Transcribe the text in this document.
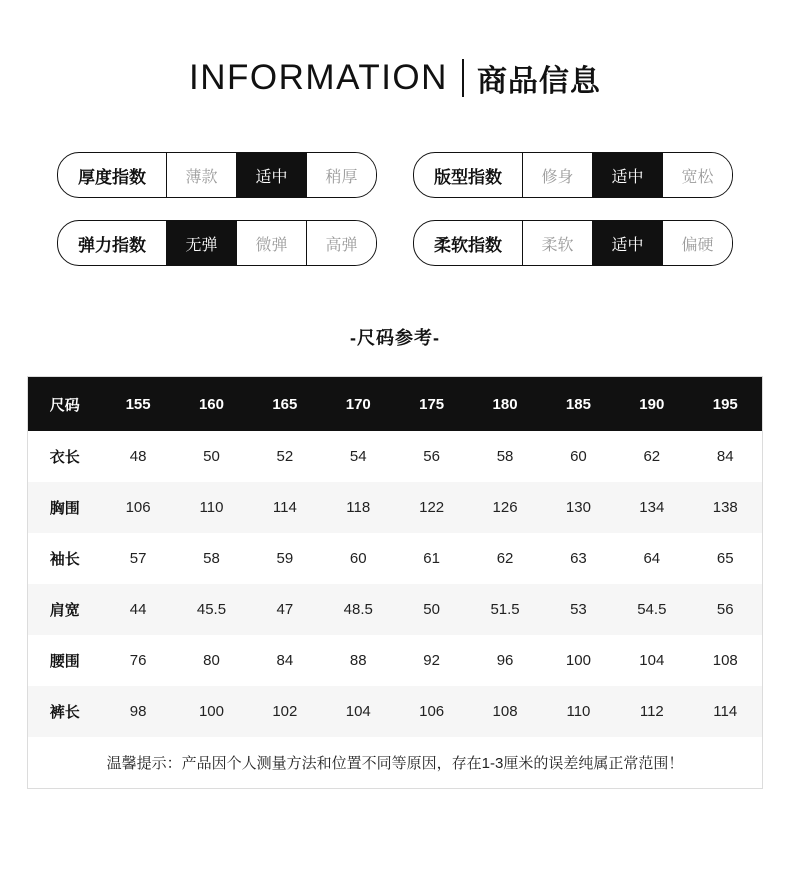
INFORMATION 商品信息
厚度指数	薄款	适中	稍厚	版型指数	修身	适中	宽松
弹力指数	无弹	微弹	高弹	柔软指数	柔软	适中	偏硬
-尺码参考-
尺码	155	160	165	170	175	180	185	190	195
衣长	48	50	52	54	56	58	60	62	84
胸围	106	110	114	118	122	126	130	134	138
袖长	57	58	59	60	61	62	63	64	65
肩宽	44	45.5	47	48.5	50	51.5	53	54.5	56
腰围	76	80	84	88	92	96	100	104	108
裤长	98	100	102	104	106	108	110	112	114
温馨提示：产品因个人测量方法和位置不同等原因，存在1-3厘米的误差纯属正常范围！									
